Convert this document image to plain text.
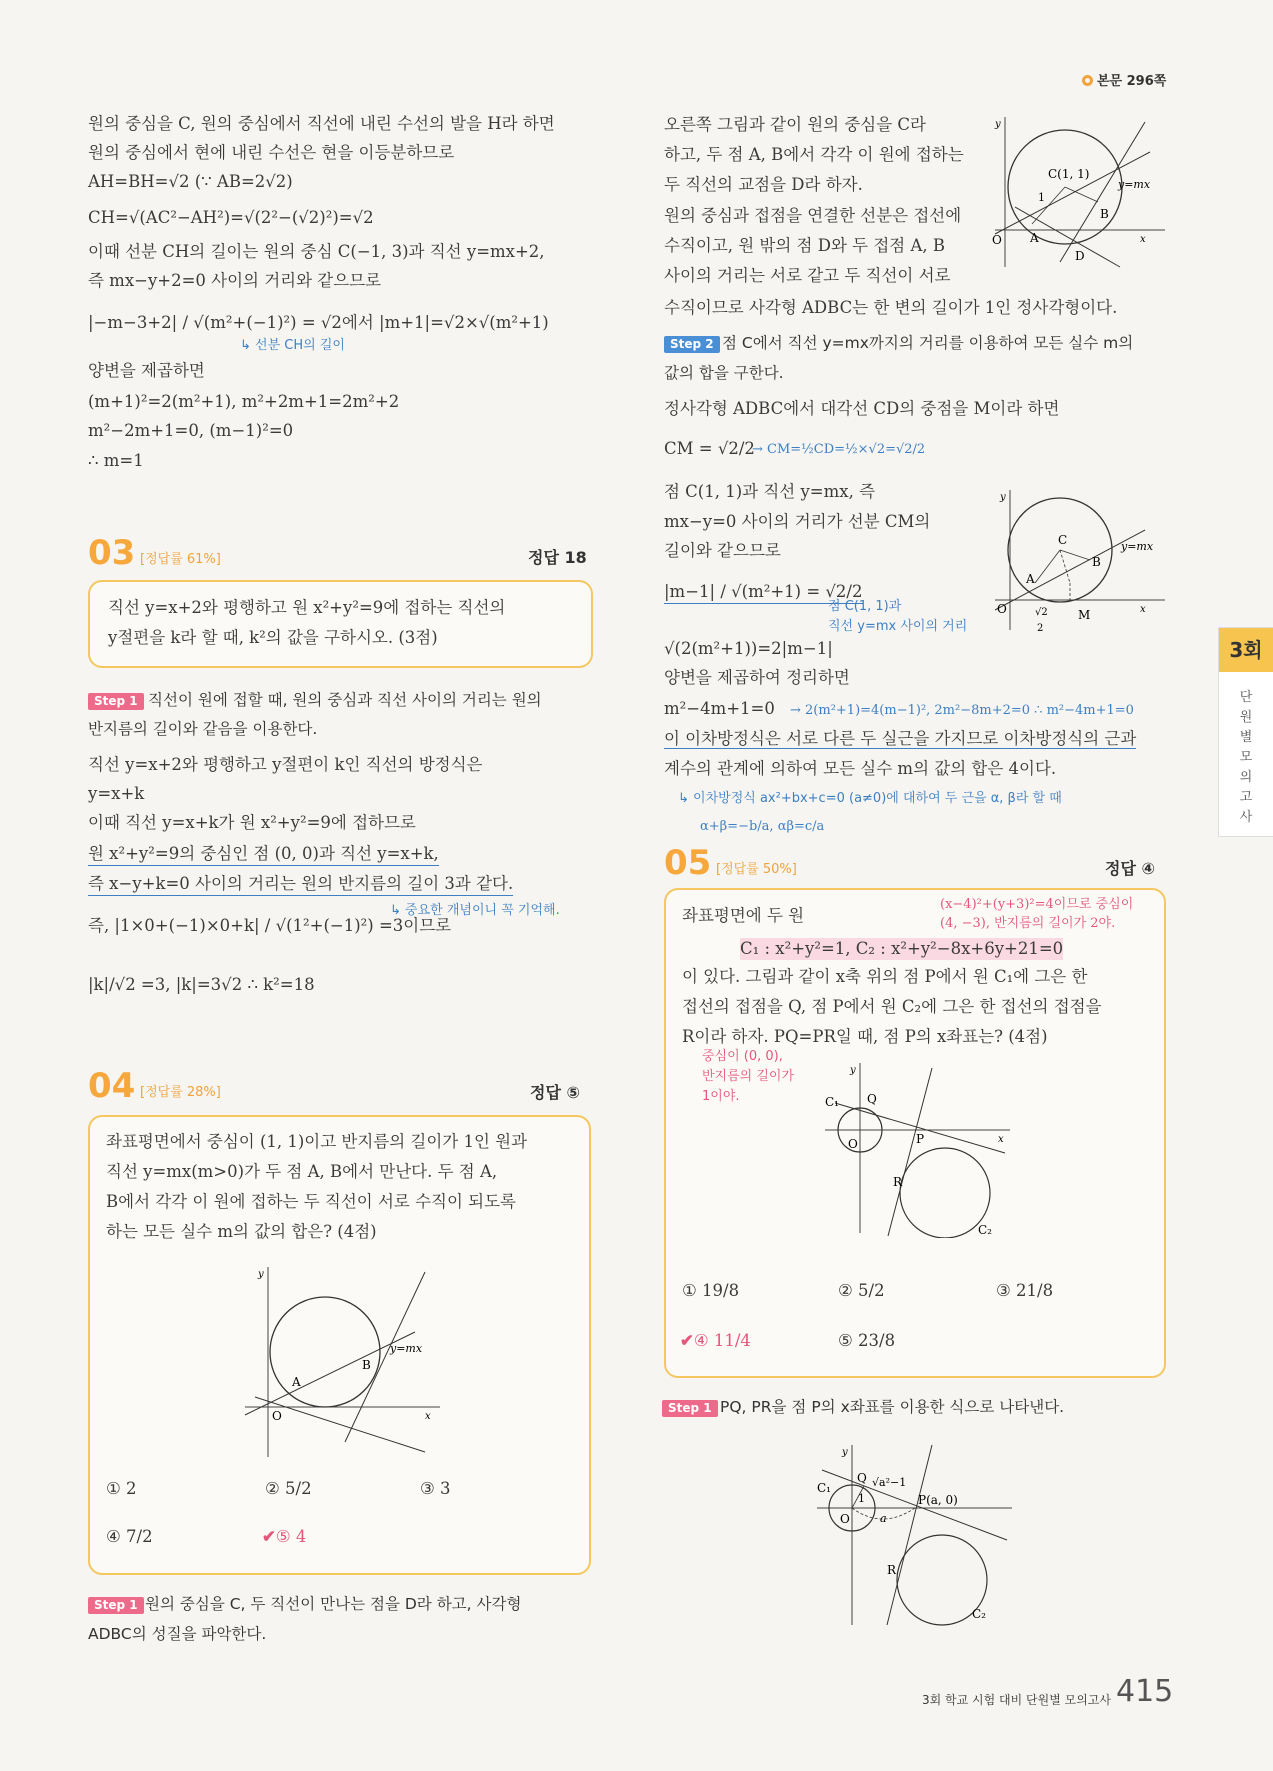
본문 296쪽
원의 중심을 C, 원의 중심에서 직선에 내린 수선의 발을 H라 하면
원의 중심에서 현에 내린 수선은 현을 이등분하므로
AH=BH=√2 (∵ AB=2√2)
CH=√(AC²−AH²)=√(2²−(√2)²)=√2
이때 선분 CH의 길이는 원의 중심 C(−1, 3)과 직선 y=mx+2,
즉 mx−y+2=0 사이의 거리와 같으므로
|−m−3+2| / √(m²+(−1)²) = √2에서 |m+1|=√2×√(m²+1)
↳ 선분 CH의 길이
양변을 제곱하면
(m+1)²=2(m²+1), m²+2m+1=2m²+2
m²−2m+1=0, (m−1)²=0
∴ m=1
03 [정답률 61%]	정답 18
직선 y=x+2와 평행하고 원 x²+y²=9에 접하는 직선의
y절편을 k라 할 때, k²의 값을 구하시오. (3점)
Step 1 직선이 원에 접할 때, 원의 중심과 직선 사이의 거리는 원의
반지름의 길이와 같음을 이용한다.
직선 y=x+2와 평행하고 y절편이 k인 직선의 방정식은
y=x+k
이때 직선 y=x+k가 원 x²+y²=9에 접하므로
원 x²+y²=9의 중심인 점 (0, 0)과 직선 y=x+k,
즉 x−y+k=0 사이의 거리는 원의 반지름의 길이 3과 같다.
↳ 중요한 개념이니 꼭 기억해.
즉, |1×0+(−1)×0+k| / √(1²+(−1)²) =3이므로
|k|/√2 =3, |k|=3√2 ∴ k²=18
04 [정답률 28%]	정답 ⑤
좌표평면에서 중심이 (1, 1)이고 반지름의 길이가 1인 원과
직선 y=mx(m>0)가 두 점 A, B에서 만난다. 두 점 A,
B에서 각각 이 원에 접하는 두 직선이 서로 수직이 되도록
하는 모든 실수 m의 값의 합은? (4점)
y
x
O
A
B
y=mx
① 2	② 5/2	③ 3
④ 7/2	✔⑤ 4
Step 1 원의 중심을 C, 두 직선이 만나는 점을 D라 하고, 사각형
ADBC의 성질을 파악한다.
오른쪽 그림과 같이 원의 중심을 C라
하고, 두 점 A, B에서 각각 이 원에 접하는
두 직선의 교점을 D라 하자.
원의 중심과 접점을 연결한 선분은 접선에
수직이고, 원 밖의 점 D와 두 접점 A, B
사이의 거리는 서로 같고 두 직선이 서로
수직이므로 사각형 ADBC는 한 변의 길이가 1인 정사각형이다.
y
x
O A
B
D
C(1, 1)
1
y=mx
Step 2 점 C에서 직선 y=mx까지의 거리를 이용하여 모든 실수 m의
값의 합을 구한다.
정사각형 ADBC에서 대각선 CD의 중점을 M이라 하면
CM = √2/2
→ CM=½CD=½×√2=√2/2
점 C(1, 1)과 직선 y=mx, 즉
mx−y=0 사이의 거리가 선분 CM의
길이와 같으므로
|m−1| / √(m²+1) = √2/2
점 C(1, 1)과
직선 y=mx 사이의 거리
√(2(m²+1))=2|m−1|
양변을 제곱하여 정리하면
m²−4m+1=0 → 2(m²+1)=4(m−1)², 2m²−8m+2=0 ∴ m²−4m+1=0
이 이차방정식은 서로 다른 두 실근을 가지므로 이차방정식의 근과
계수의 관계에 의하여 모든 실수 m의 값의 합은 4이다.
↳ 이차방정식 ax²+bx+c=0 (a≠0)에 대하여 두 근을 α, β라 할 때
α+β=−b/a, αβ=c/a
y
x
O
A
B
C
M
√2
2
y=mx
05 [정답률 50%]	정답 ④
좌표평면에 두 원
(x−4)²+(y+3)²=4이므로 중심이
(4, −3), 반지름의 길이가 2야.
C₁ : x²+y²=1, C₂ : x²+y²−8x+6y+21=0
이 있다. 그림과 같이 x축 위의 점 P에서 원 C₁에 그은 한
접선의 접점을 Q, 점 P에서 원 C₂에 그은 한 접선의 접점을
R이라 하자. PQ=PR일 때, 점 P의 x좌표는? (4점)
중심이 (0, 0),
반지름의 길이가
1이야.
y
x
O
C₁ Q
P
R
C₂
① 19/8	② 5/2	③ 21/8
✔④ 11/4	⑤ 23/8
Step 1 PQ, PR을 점 P의 x좌표를 이용한 식으로 나타낸다.
y
O
C₁
Q
1
√a²−1
P(a, 0)
a
R
C₂
3회
단원별 모의고사
3회 학교 시험 대비 단원별 모의고사 415
